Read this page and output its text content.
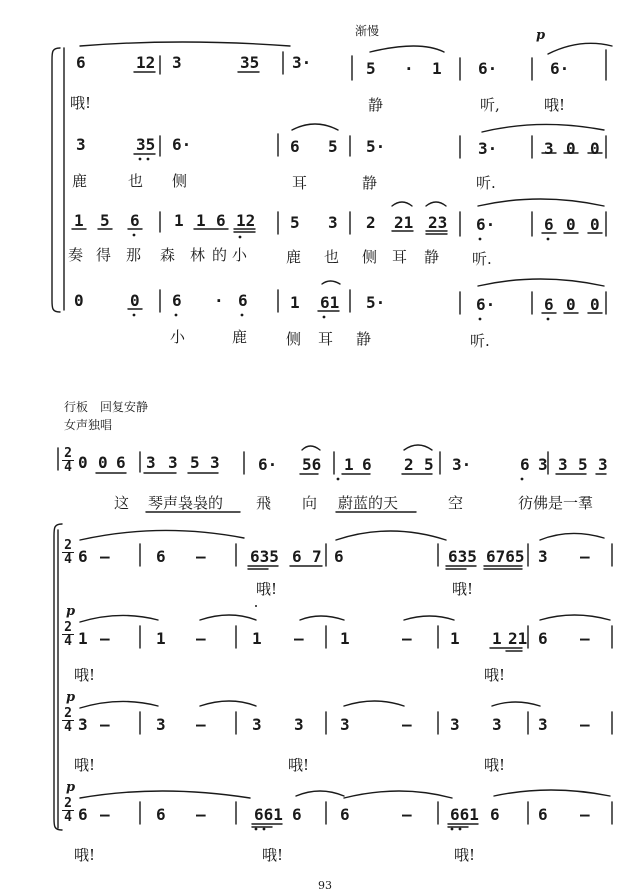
渐慢	p
6	12 3	35 3·	5 · 1 6·	6·
哦!	静	听,	哦!
3	35 6·	6 5 5·	3·	3 0 0
鹿	也 侧	耳	静	听.
1 5 6 1 1 6 12 5 3 2 21 23 6·	6 0 0
奏 得 那 森 林 的 小	鹿 也 侧 耳 静 听.
0	0 6 · 6	1 61 5·	6·	6 0 0
小	鹿	侧 耳 静	听.
行板　回复安静
女声独唱
2
4 0 0 6 3 3 5 3 6· 56 1 6 2 5 3·	6 3 3 5 3
这 琴声袅袅的 飛 向 蔚蓝的天	空	彷佛是一羣
2
4 6 –	6 –	635 6 7 6	635 6765 3 –
哦!	哦!
p
2
4 1 –	1 –	1 – 1	– 1 1 21 6 –
哦!	哦!
p
2
4 3 –	3 –	3 3 3	– 3 3 3 –
哦!	哦!	哦!
p
2
4 6 –	6 –	661 6 6	– 661 6 6 –
哦!	哦!	哦!
93
